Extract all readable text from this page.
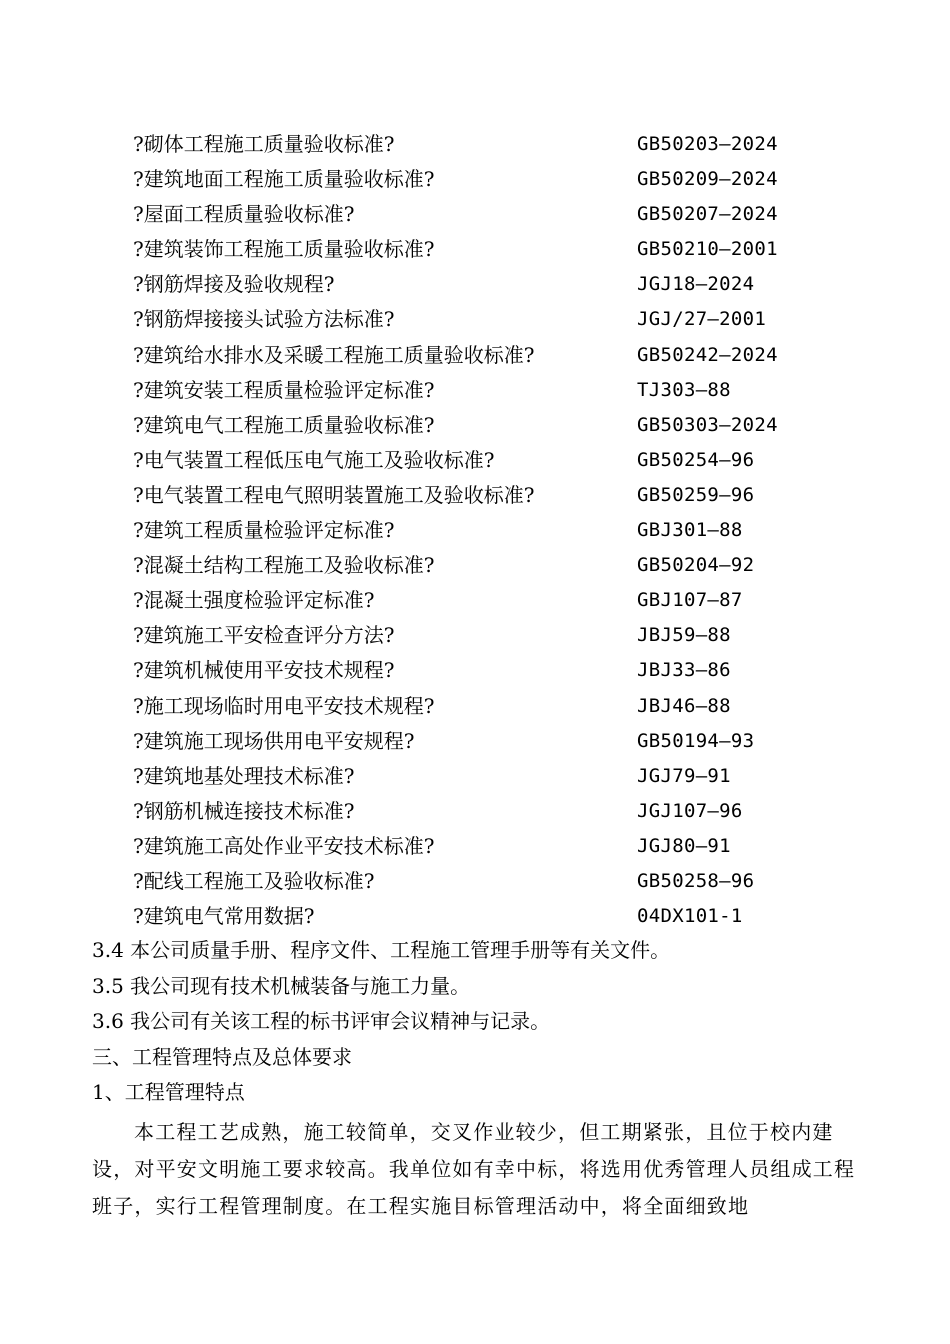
?砌体工程施工质量验收标准?	GB50203—2024
?建筑地面工程施工质量验收标准?	GB50209—2024
?屋面工程质量验收标准?	GB50207—2024
?建筑装饰工程施工质量验收标准?	GB50210—2001
?钢筋焊接及验收规程?	JGJ18—2024
?钢筋焊接接头试验方法标准?	JGJ/27—2001
?建筑给水排水及采暖工程施工质量验收标准?	GB50242—2024
?建筑安装工程质量检验评定标准?	TJ303—88
?建筑电气工程施工质量验收标准?	GB50303—2024
?电气装置工程低压电气施工及验收标准?	GB50254—96
?电气装置工程电气照明装置施工及验收标准?	GB50259—96
?建筑工程质量检验评定标准?	GBJ301—88
?混凝土结构工程施工及验收标准?	GB50204—92
?混凝土强度检验评定标准?	GBJ107—87
?建筑施工平安检查评分方法?	JBJ59—88
?建筑机械使用平安技术规程?	JBJ33—86
?施工现场临时用电平安技术规程?	JBJ46—88
?建筑施工现场供用电平安规程?	GB50194—93
?建筑地基处理技术标准?	JGJ79—91
?钢筋机械连接技术标准?	JGJ107—96
?建筑施工高处作业平安技术标准?	JGJ80—91
?配线工程施工及验收标准?	GB50258—96
?建筑电气常用数据?	04DX101-1
3.4 本公司质量手册、程序文件、工程施工管理手册等有关文件。
3.5 我公司现有技术机械装备与施工力量。
3.6 我公司有关该工程的标书评审会议精神与记录。
三、工程管理特点及总体要求
1、工程管理特点
本工程工艺成熟，施工较简单，交叉作业较少，但工期紧张，且位于校内建设，对平安文明施工要求较高。我单位如有幸中标，将选用优秀管理人员组成工程班子，实行工程管理制度。在工程实施目标管理活动中，将全面细致地
